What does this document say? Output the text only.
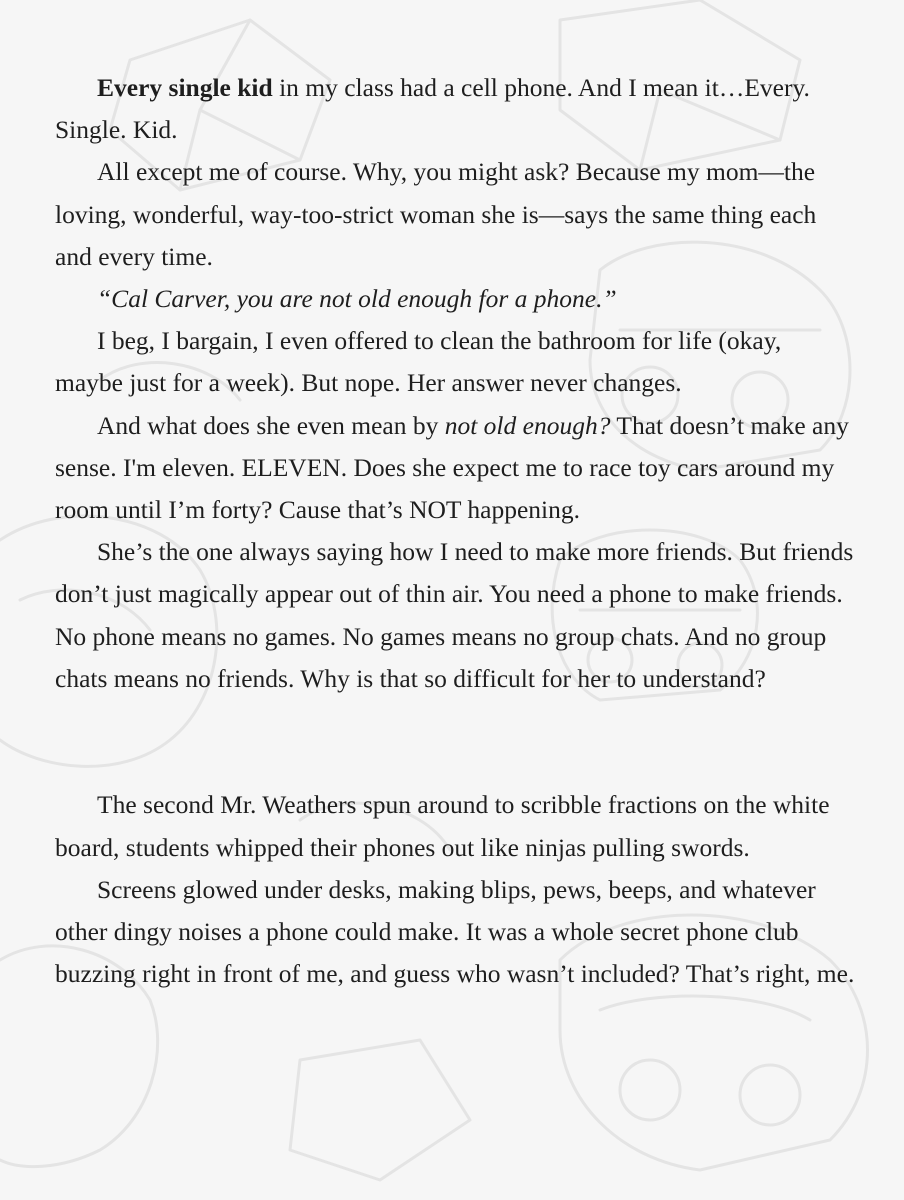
Every single kid in my class had a cell phone. And I mean it…Every. Single. Kid.

All except me of course. Why, you might ask? Because my mom—the loving, wonderful, way-too-strict woman she is—says the same thing each and every time.

“Cal Carver, you are not old enough for a phone.”

I beg, I bargain, I even offered to clean the bathroom for life (okay, maybe just for a week). But nope. Her answer never changes.

And what does she even mean by not old enough? That doesn’t make any sense. I'm eleven. ELEVEN. Does she expect me to race toy cars around my room until I’m forty? Cause that’s NOT happening.

She’s the one always saying how I need to make more friends. But friends don’t just magically appear out of thin air. You need a phone to make friends. No phone means no games. No games means no group chats. And no group chats means no friends. Why is that so difficult for her to understand?

The second Mr. Weathers spun around to scribble fractions on the white board, students whipped their phones out like ninjas pulling swords.

Screens glowed under desks, making blips, pews, beeps, and whatever other dingy noises a phone could make. It was a whole secret phone club buzzing right in front of me, and guess who wasn’t included? That’s right, me.
